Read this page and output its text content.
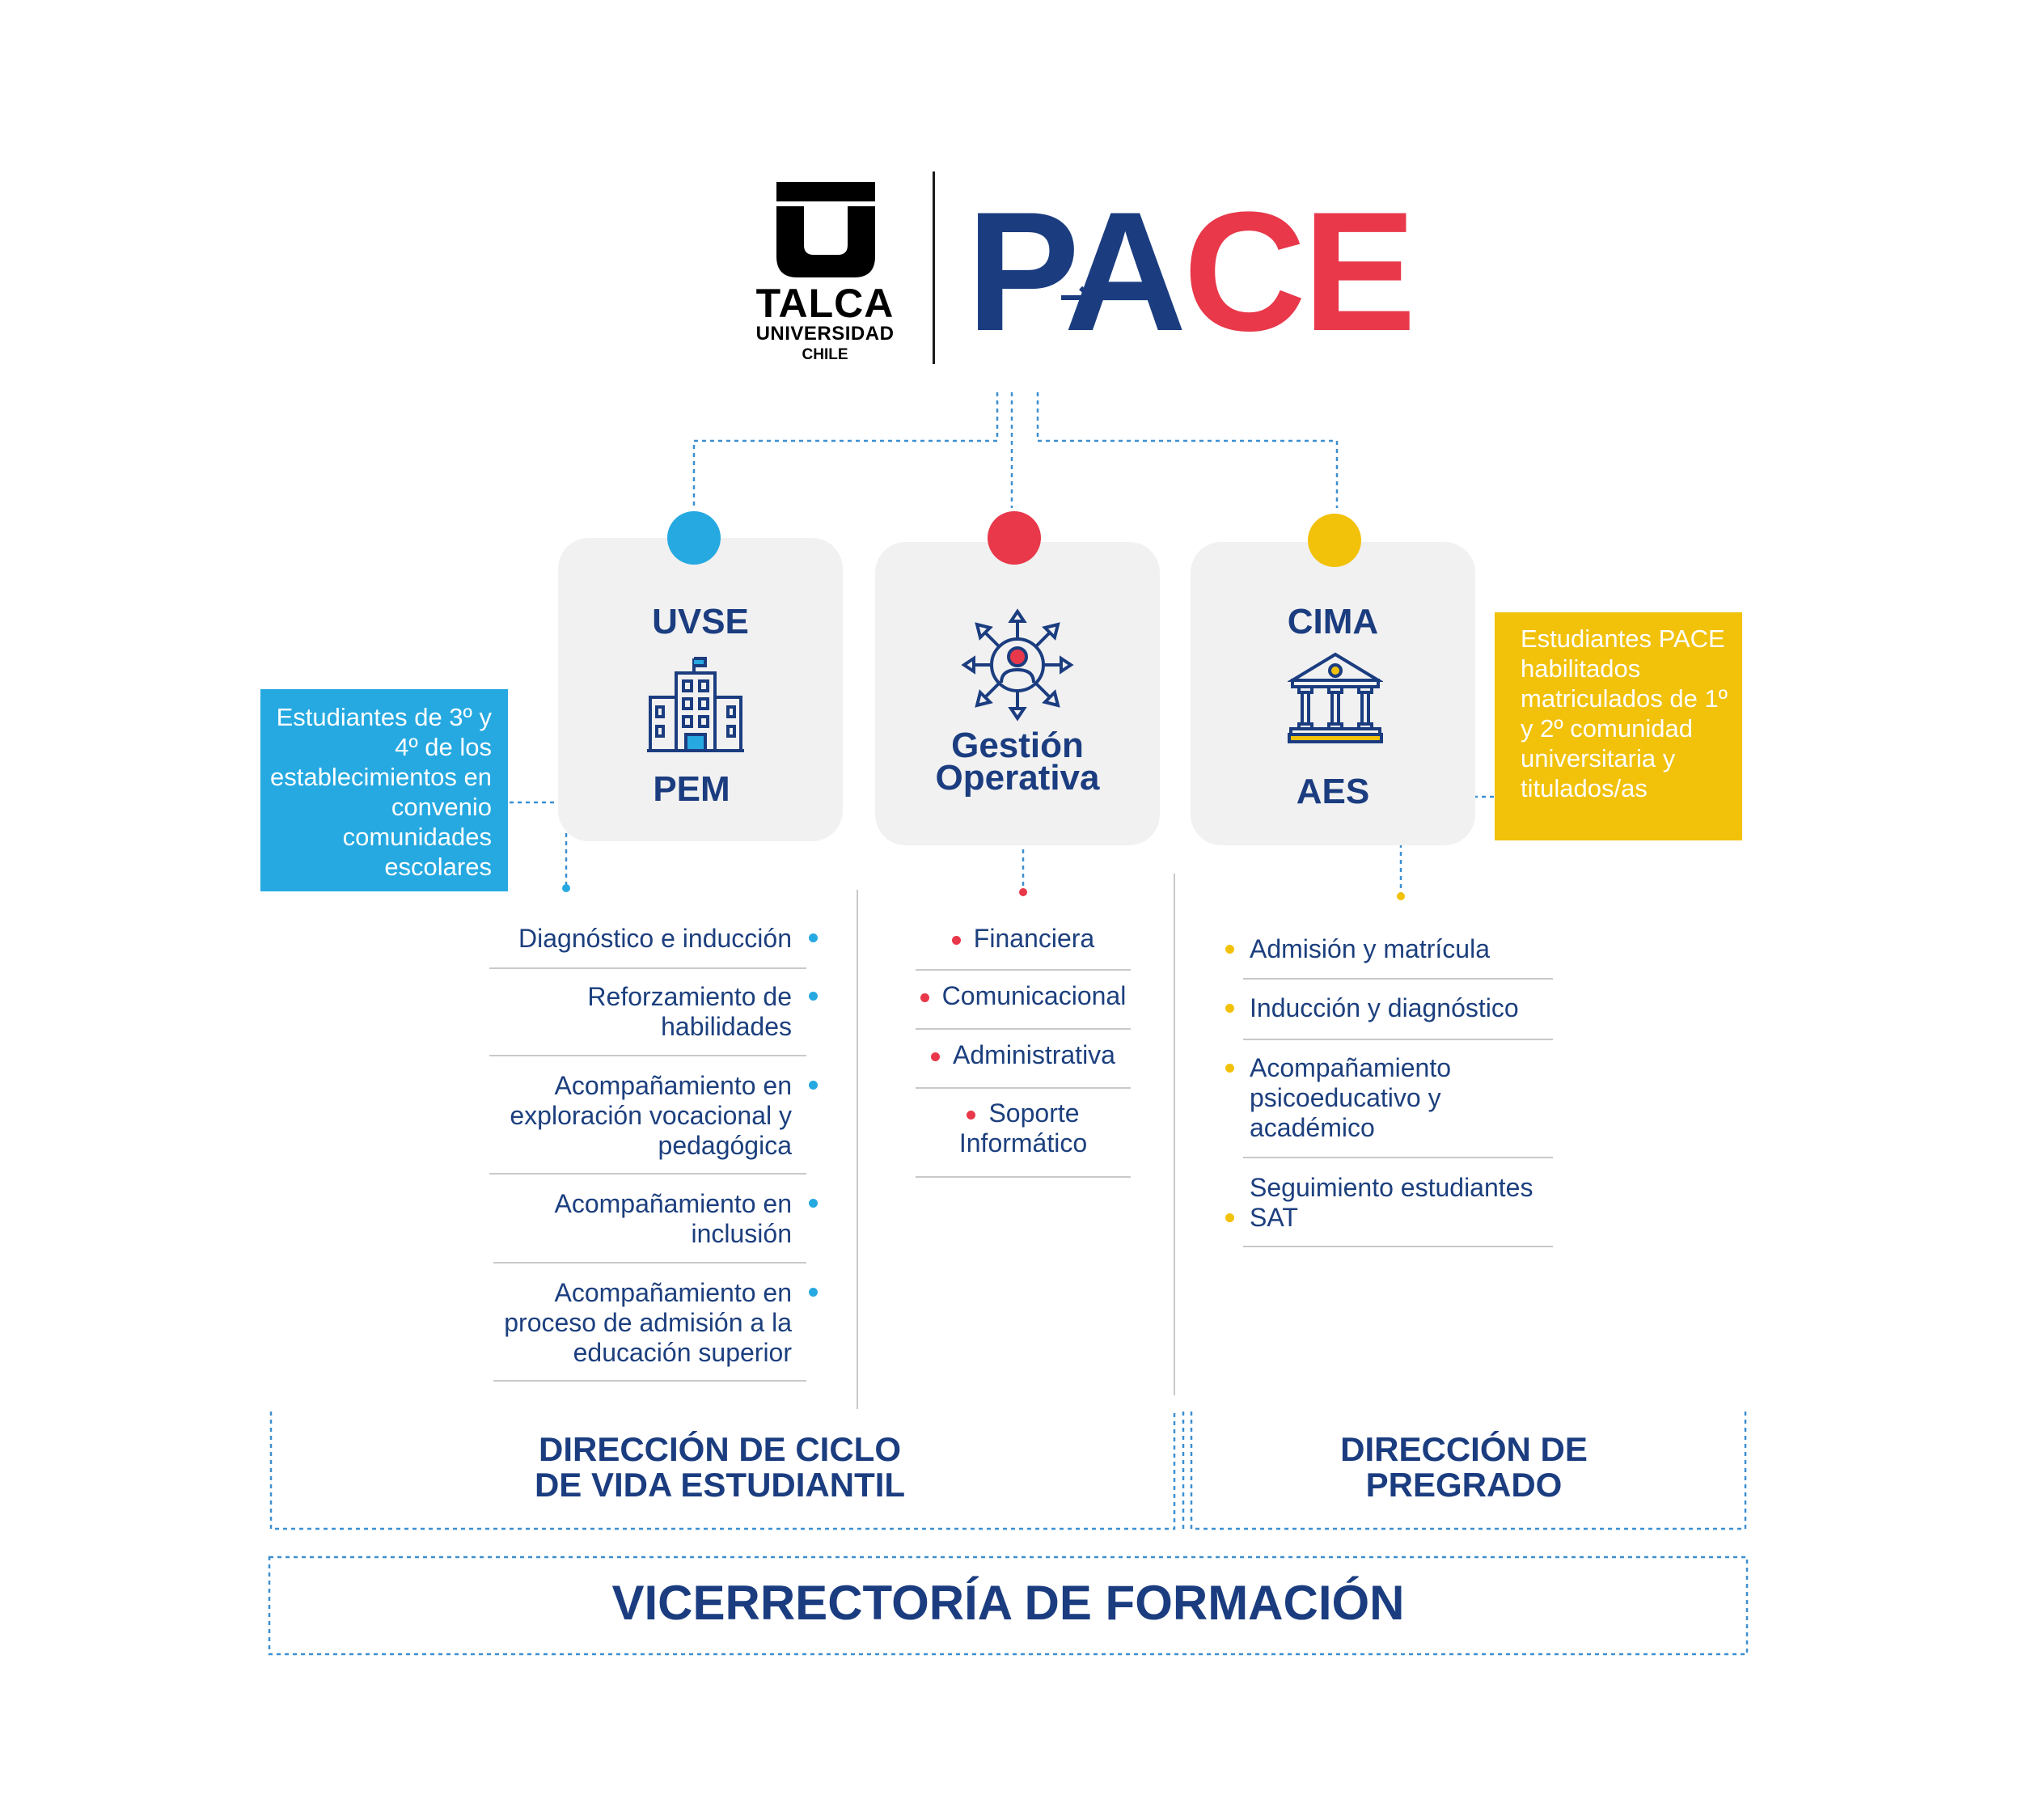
TALCA
UNIVERSIDAD
CHILE PACE
UVSE
PEM
Gestión Operativa
CIMA
AES
Estudiantes de 3º y 4º de los establecimientos en convenio comunidades escolares
Estudiantes PACE habilitados matriculados de 1º y 2º comunidad universitaria y titulados/as
Diagnóstico e inducción
Reforzamiento de habilidades
Acompañamiento en exploración vocacional y pedagógica
Acompañamiento en inclusión
Acompañamiento en proceso de admisión a la educación superior
Financiera
Comunicacional
Administrativa
Soporte Informático
Admisión y matrícula
Inducción y diagnóstico
Acompañamiento psicoeducativo y académico
Seguimiento estudiantes SAT
DIRECCIÓN DE CICLO DE VIDA ESTUDIANTIL
DIRECCIÓN DE PREGRADO
VICERRECTORÍA DE FORMACIÓN
